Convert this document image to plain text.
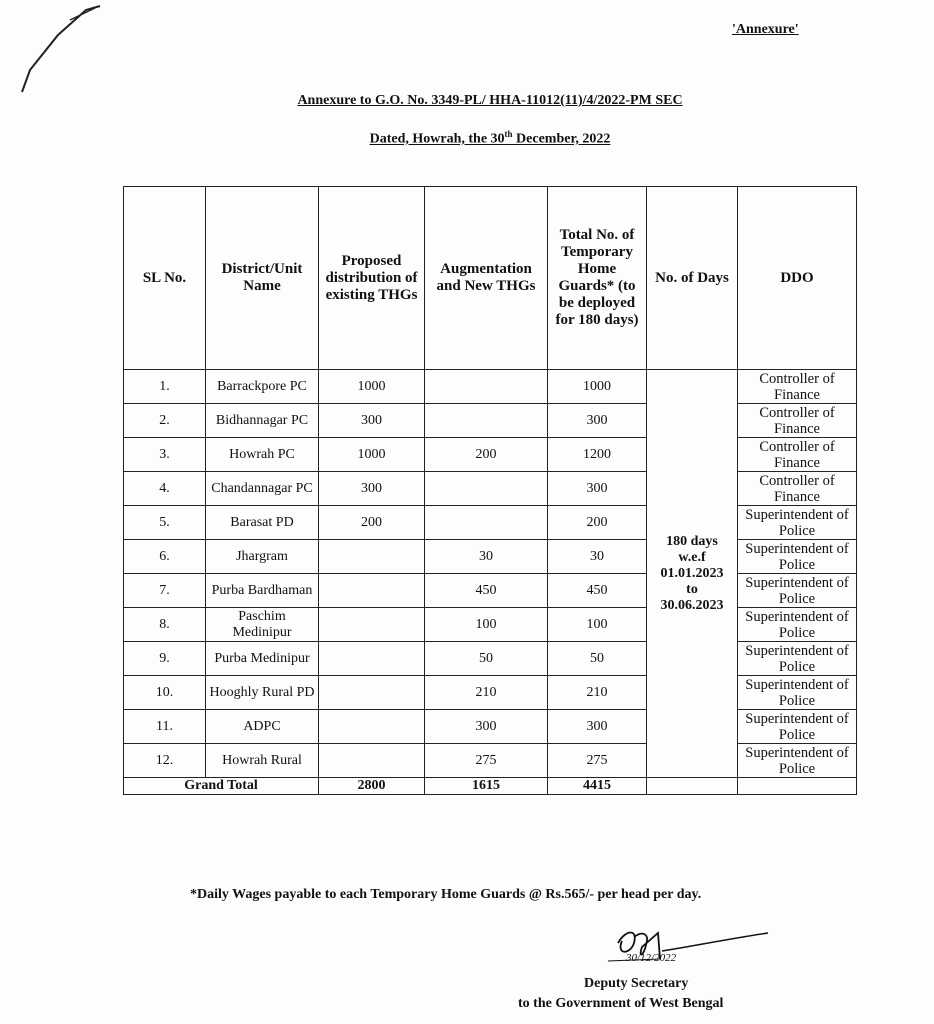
'Annexure'
Annexure to G.O. No. 3349-PL/ HHA-11012(11)/4/2022-PM SEC
Dated, Howrah, the 30th December, 2022
SL No.	District/Unit Name	Proposed distribution of existing THGs	Augmentation and New THGs	Total No. of Temporary Home Guards* (to be deployed for 180 days)	No. of Days	DDO
1.	Barrackpore PC	1000		1000	180 days
w.e.f
01.01.2023
to
30.06.2023	Controller of Finance
2.	Bidhannagar PC	300		300		Controller of Finance
3.	Howrah PC	1000	200	1200		Controller of Finance
4.	Chandannagar PC	300		300		Controller of Finance
5.	Barasat PD	200		200		Superintendent of Police
6.	Jhargram		30	30		Superintendent of Police
7.	Purba Bardhaman		450	450		Superintendent of Police
8.	Paschim Medinipur		100	100		Superintendent of Police
9.	Purba Medinipur		50	50		Superintendent of Police
10.	Hooghly Rural PD		210	210		Superintendent of Police
11.	ADPC		300	300		Superintendent of Police
12.	Howrah Rural		275	275		Superintendent of Police
Grand Total		2800	1615	4415		
*Daily Wages payable to each Temporary Home Guards @ Rs.565/- per head per day.
30/12/2022
Deputy Secretary
to the Government of West Bengal
